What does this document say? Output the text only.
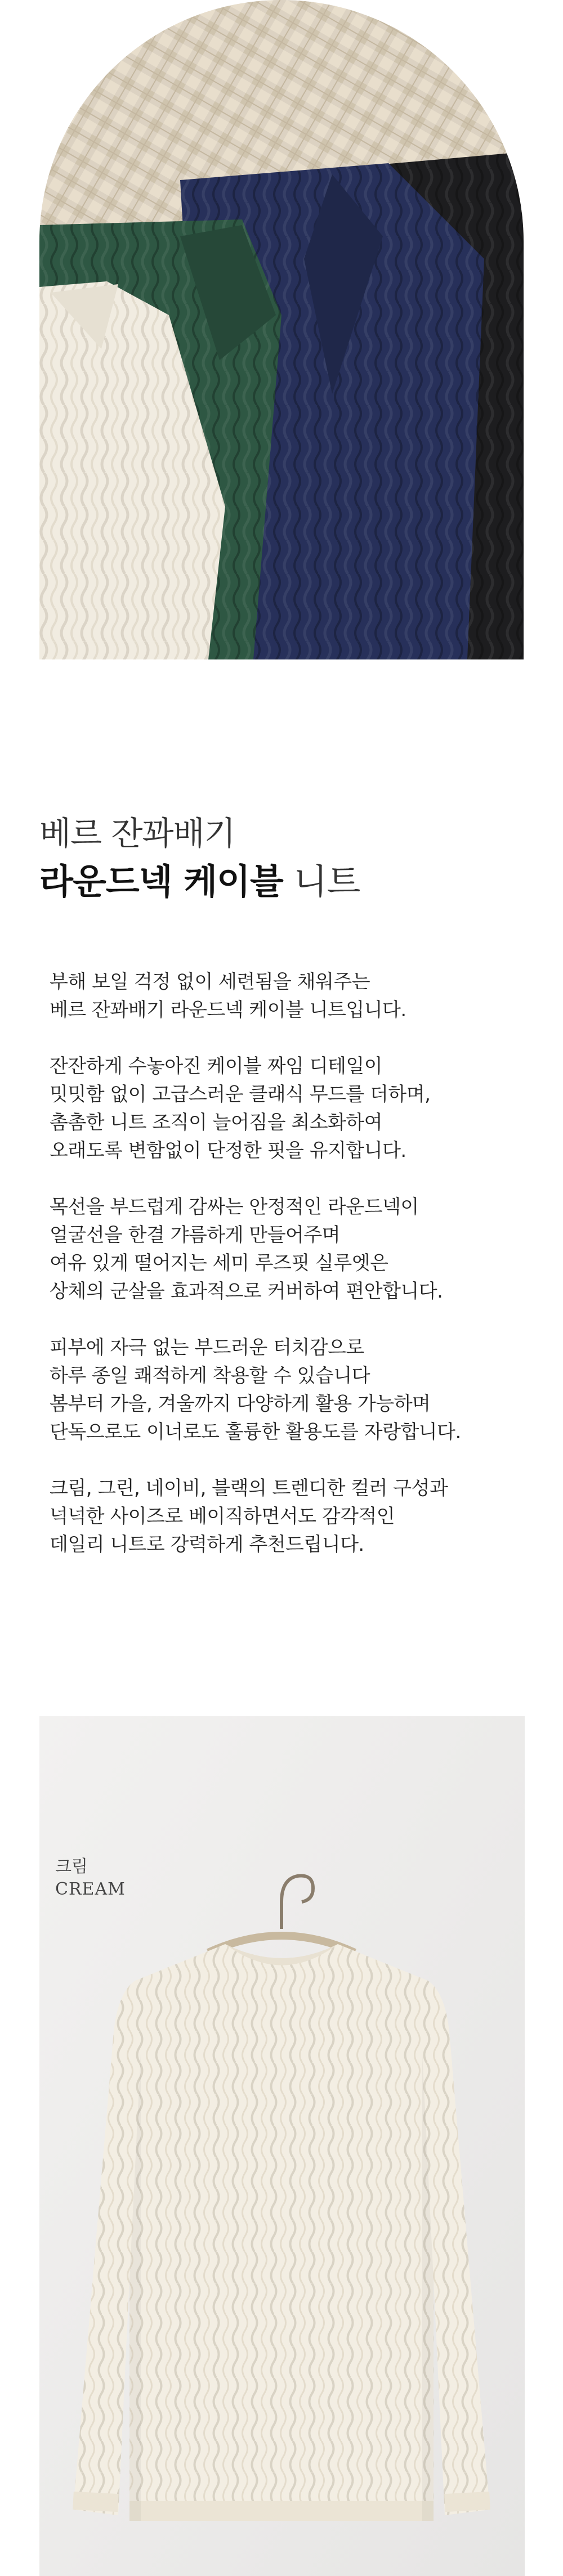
베르 잔꽈배기

라운드넥 케이블 니트

부해 보일 걱정 없이 세련됨을 채워주는
베르 잔꽈배기 라운드넥 케이블 니트입니다.

잔잔하게 수놓아진 케이블 짜임 디테일이
밋밋함 없이 고급스러운 클래식 무드를 더하며,
촘촘한 니트 조직이 늘어짐을 최소화하여
오래도록 변함없이 단정한 핏을 유지합니다.

목선을 부드럽게 감싸는 안정적인 라운드넥이
얼굴선을 한결 갸름하게 만들어주며
여유 있게 떨어지는 세미 루즈핏 실루엣은
상체의 군살을 효과적으로 커버하여 편안합니다.

피부에 자극 없는 부드러운 터치감으로
하루 종일 쾌적하게 착용할 수 있습니다
봄부터 가을, 겨울까지 다양하게 활용 가능하며
단독으로도 이너로도 훌륭한 활용도를 자랑합니다.

크림, 그린, 네이비, 블랙의 트렌디한 컬러 구성과
넉넉한 사이즈로 베이직하면서도 감각적인
데일리 니트로 강력하게 추천드립니다.

크림
CREAM
